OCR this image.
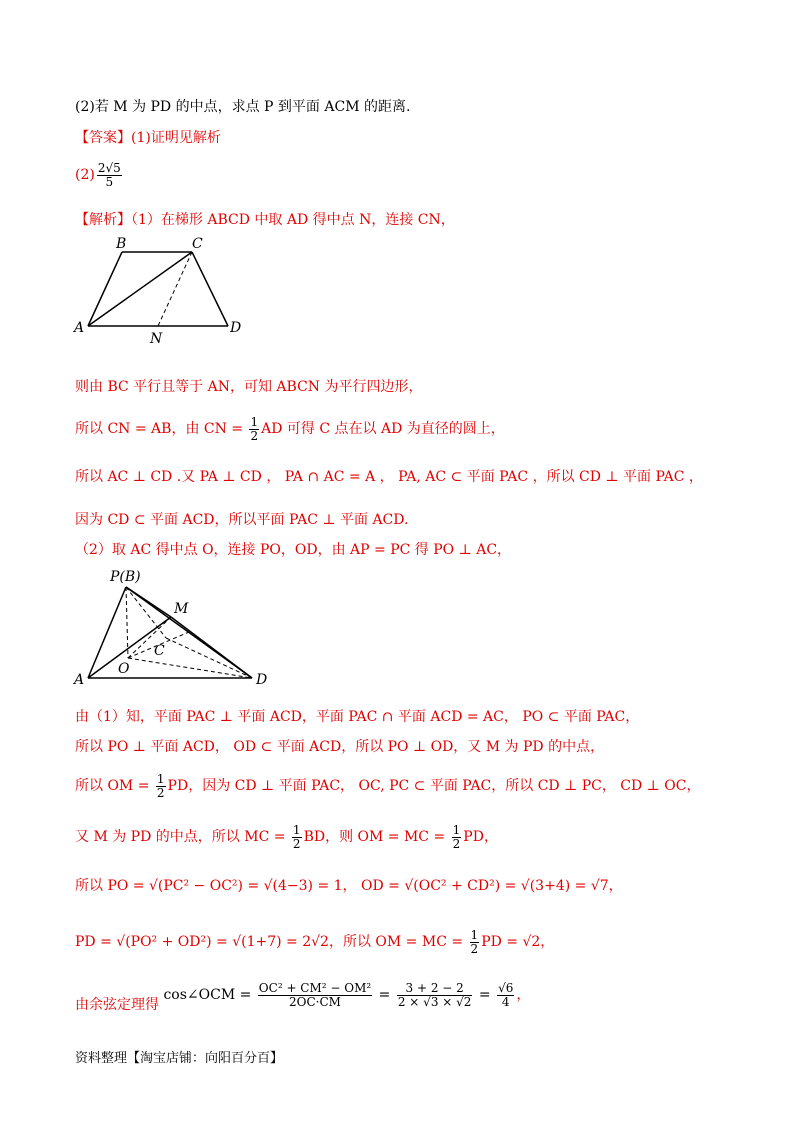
(2)若 M 为 PD 的中点，求点 P 到平面 ACM 的距离.
【答案】(1)证明见解析
$(2) \frac{2√5}{5}$
【解析】（1）在梯形 ABCD 中取 AD 得中点 N，连接 CN，
B	C
A
N
D
则由 BC 平行且等于 AN，可知 ABCN 为平行四边形，
所以 CN = AB，由 CN = $\frac{1}{2}$ AD 可得 C 点在以 AD 为直径的圆上，
所以 AC ⊥ CD .又 PA ⊥ CD ， PA ∩ AC = A ， PA, AC ⊂ 平面 PAC ，所以 CD ⊥ 平面 PAC ，
因为 CD ⊂ 平面 ACD，所以平面 PAC ⊥ 平面 ACD.
（2）取 AC 得中点 O，连接 PO，OD，由 AP = PC 得 PO ⊥ AC，
P(B)
M
C
O
A	D
由（1）知，平面 PAC ⊥ 平面 ACD，平面 PAC ∩ 平面 ACD = AC， PO ⊂ 平面 PAC，
所以 PO ⊥ 平面 ACD， OD ⊂ 平面 ACD，所以 PO ⊥ OD，又 M 为 PD 的中点，
所以 OM = $\frac{1}{2}$ PD，因为 CD ⊥ 平面 PAC， OC, PC ⊂ 平面 PAC，所以 CD ⊥ PC， CD ⊥ OC，
又 M 为 PD 的中点，所以 MC = $\frac{1}{2}$ BD，则 OM = MC = $\frac{1}{2}$ PD，
所以 PO = √(PC² − OC²) = √(4−3) = 1， OD = √(OC² + CD²) = √(3+4) = √7，
PD = √(PO² + OD²) = √(1+7) = 2√2，所以 OM = MC = $\frac{1}{2}$ PD = √2，
由余弦定理得 cos∠OCM = $\frac{\text{OC² + CM² − OM²}}{2OC\cdot CM} = \frac{3 + 2 - 2}{2 \times √3 \times √2} = \frac{√6}{4}$ ，
资料整理【淘宝店铺：向阳百分百】
